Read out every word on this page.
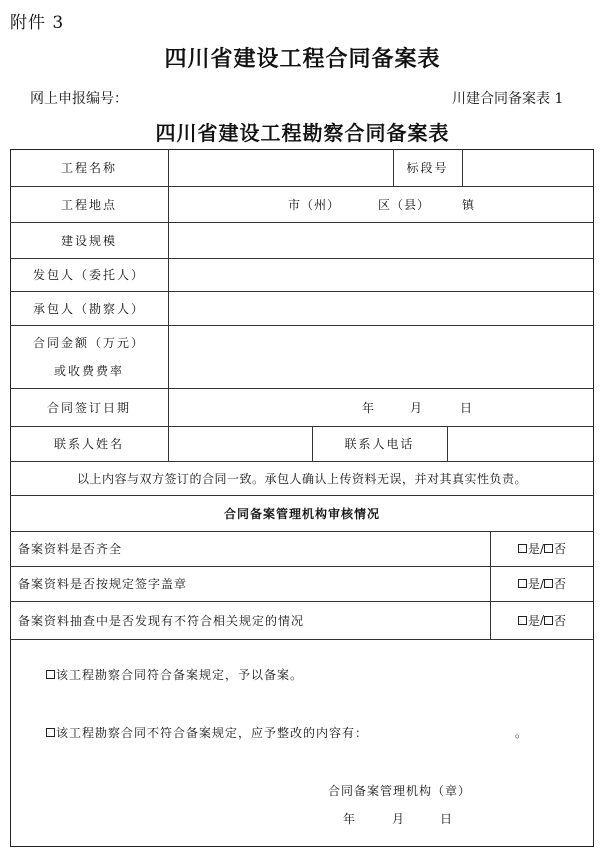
附件 3
四川省建设工程合同备案表
网上申报编号：	川建合同备案表 1
四川省建设工程勘察合同备案表
工程名称	标段号
工程地点	市（州）	区（县）	镇
建设规模
发包人（委托人）
承包人（勘察人）
合同金额（万元）
或收费费率
合同签订日期	年	月	日
联系人姓名	联系人电话
以上内容与双方签订的合同一致。承包人确认上传资料无误，并对其真实性负责。
合同备案管理机构审核情况
备案资料是否齐全	是 / 否
备案资料是否按规定签字盖章	是 / 否
备案资料抽查中是否发现有不符合相关规定的情况	是 / 否
该工程勘察合同符合备案规定，予以备案。
该工程勘察合同不符合备案规定，应予整改的内容有：	。
合同备案管理机构（章）
年	月	日
